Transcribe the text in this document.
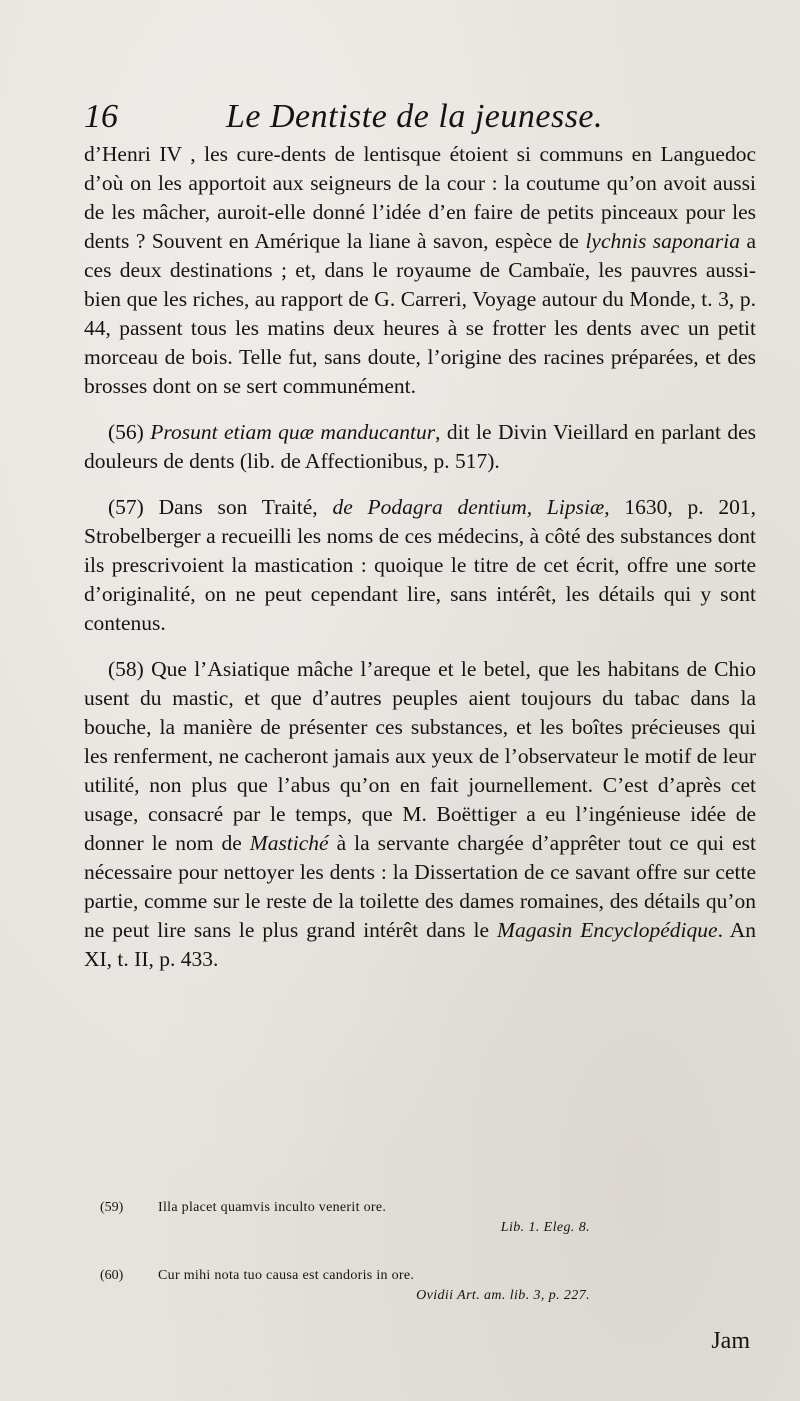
16	Le Dentiste de la jeunesse.

d’Henri IV , les cure-dents de lentisque étoient si communs en Languedoc d’où on les apportoit aux seigneurs de la cour : la coutume qu’on avoit aussi de les mâcher, auroit-elle donné l’idée d’en faire de petits pinceaux pour les dents ? Souvent en Amérique la liane à savon, espèce de lychnis saponaria a ces deux destinations ; et, dans le royaume de Cambaïe, les pauvres aussi-bien que les riches, au rapport de G. Carreri, Voyage autour du Monde, t. 3, p. 44, passent tous les matins deux heures à se frotter les dents avec un petit morceau de bois. Telle fut, sans doute, l’origine des racines préparées, et des brosses dont on se sert communément.

(56) Prosunt etiam quæ manducantur, dit le Divin Vieillard en parlant des douleurs de dents (lib. de Affectionibus, p. 517).

(57) Dans son Traité, de Podagra dentium, Lipsiæ, 1630, p. 201, Strobelberger a recueilli les noms de ces médecins, à côté des substances dont ils prescrivoient la mastication : quoique le titre de cet écrit, offre une sorte d’originalité, on ne peut cependant lire, sans intérêt, les détails qui y sont contenus.

(58) Que l’Asiatique mâche l’areque et le betel, que les habitans de Chio usent du mastic, et que d’autres peuples aient toujours du tabac dans la bouche, la manière de présenter ces substances, et les boîtes précieuses qui les renferment, ne cacheront jamais aux yeux de l’observateur le motif de leur utilité, non plus que l’abus qu’on en fait journellement. C’est d’après cet usage, consacré par le temps, que M. Boëttiger a eu l’ingénieuse idée de donner le nom de Mastiché à la servante chargée d’apprêter tout ce qui est nécessaire pour nettoyer les dents : la Dissertation de ce savant offre sur cette partie, comme sur le reste de la toilette des dames romaines, des détails qu’on ne peut lire sans le plus grand intérêt dans le Magasin Encyclopédique. An XI, t. II, p. 433.

(59) Illa placet quamvis inculto venerit ore.
Lib. 1. Eleg. 8.
(60) Cur mihi nota tuo causa est candoris in ore.
Ovidii Art. am. lib. 3, p. 227.
Jam
